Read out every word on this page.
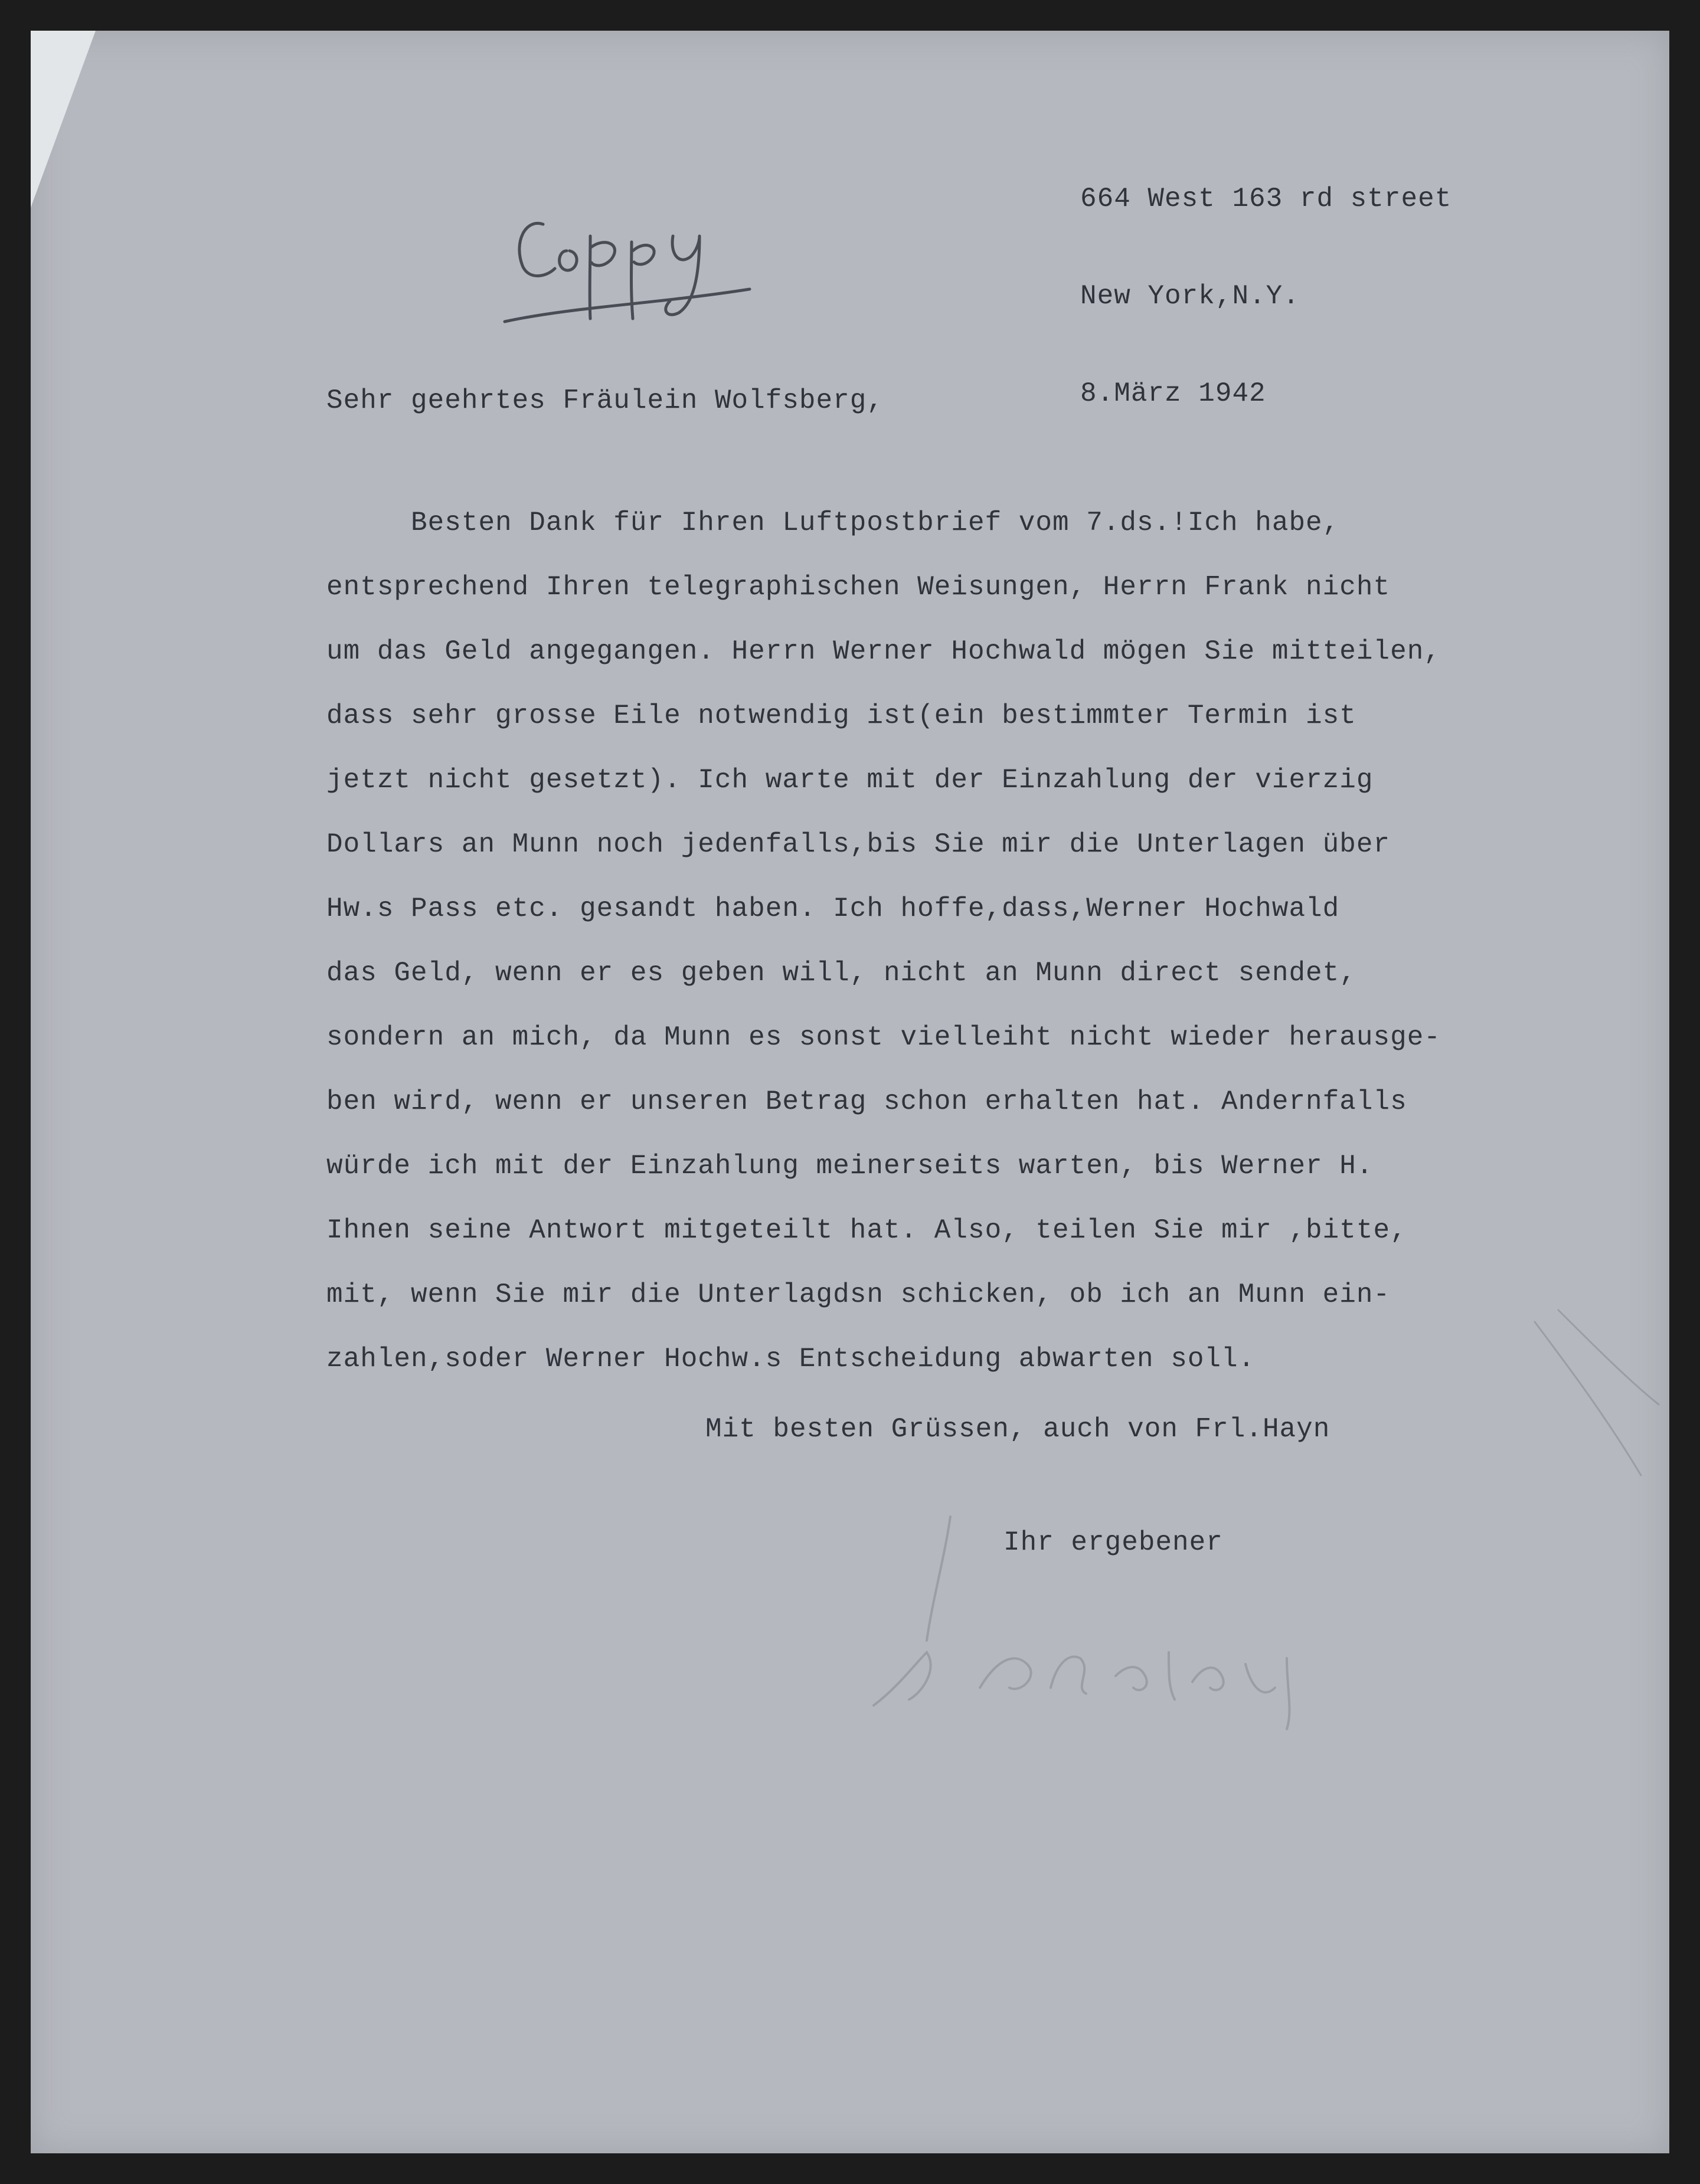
664 West 163 rd street

New York,N.Y.

8.März 1942

Sehr geehrtes Fräulein Wolfsberg,
Besten Dank für Ihren Luftpostbrief vom 7.ds.!Ich habe,
entsprechend Ihren telegraphischen Weisungen, Herrn Frank nicht
um das Geld angegangen. Herrn Werner Hochwald mögen Sie mitteilen,
dass sehr grosse Eile notwendig ist(ein bestimmter Termin ist
jetzt nicht gesetzt). Ich warte mit der Einzahlung der vierzig
Dollars an Munn noch jedenfalls,bis Sie mir die Unterlagen über
Hw.s Pass etc. gesandt haben. Ich hoffe,dass,Werner Hochwald
das Geld, wenn er es geben will, nicht an Munn direct sendet,
sondern an mich, da Munn es sonst vielleiht nicht wieder herausge-
ben wird, wenn er unseren Betrag schon erhalten hat. Andernfalls
würde ich mit der Einzahlung meinerseits warten, bis Werner H.
Ihnen seine Antwort mitgeteilt hat. Also, teilen Sie mir ,bitte,
mit, wenn Sie mir die Unterlagdsn schicken, ob ich an Munn ein-
zahlen,soder Werner Hochw.s Entscheidung abwarten soll.
Mit besten Grüssen, auch von Frl.Hayn
Ihr ergebener
